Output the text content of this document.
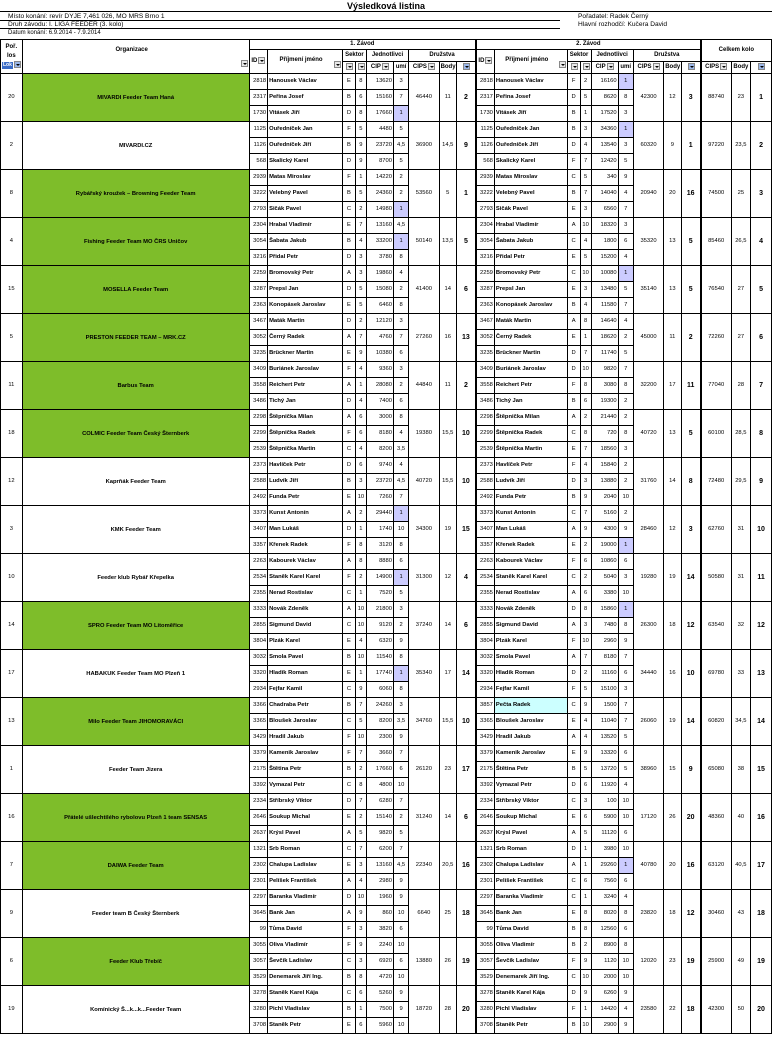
Výsledková listina
Místo konání: revír DYJE 7,461 026, MO MRS Brno 1
Druh závodu: I. LIGA FEEDER (3. kolo)
Datum konání: 6.9.2014 - 7.9.2014
Pořadatel: Radek Černý
Hlavní rozhodčí: Kučera David
Poř.
los
Lok	Organizace	1. Závod									2. Závod									Celkem kolo		
		ID	Příjmení jméno	Sektor		Jednotlivci		Družstva			ID	Příjmení jméno	Sektor		Jednotlivci		Družstva					
						CIP	umí	CIPS	Body						CIP	umí	CIPS	Body		CIPS	Body	
20	MIVARDI Feeder Team Haná	2818	Hanousek Václav	E	8	13620	3	46440	11	2	2818	Hanousek Václav	F	2	16160	1	42300	12	3	88740	23	1
		2317	Peřina Josef	B	6	15160	7				2317	Peřina Josef	D	5	8620	8						
		1730	Vitásek Jiří	D	8	17660	1				1730	Vitásek Jiří	B	1	17520	3						
2	MIVARDI.CZ	1125	Ouředníček Jan	F	5	4480	5	36900	14,5	9	1125	Ouředníček Jan	B	3	34360	1	60320	9	1	97220	23,5	2
		1126	Ouředníček Jiří	B	9	23720	4,5				1126	Ouředníček Jiří	D	4	13540	3						
		568	Skalický Karel	D	9	8700	5				568	Skalický Karel	F	7	12420	5						
8	Rybářský kroužek – Browning Feeder Team	2939	Matas Miroslav	F	1	14220	2	53560	5	1	2939	Matas Miroslav	C	5	340	9	20940	20	16	74500	25	3
		3222	Velebný Pavel	B	5	24360	2				3222	Velebný Pavel	B	7	14040	4						
		2793	Sičák Pavel	C	2	14980	1				2793	Sičák Pavel	E	3	6560	7						
4	Fishing Feeder Team MO ČRS Uničov	2304	Hrabal Vladimír	E	7	13160	4,5	50140	13,5	5	2304	Hrabal Vladimír	A	10	18320	3	35320	13	5	85460	26,5	4
		3054	Šabata Jakub	B	4	33200	1				3054	Šabata Jakub	C	4	1800	6						
		3216	Přidal Petr	D	3	3780	8				3216	Přidal Petr	E	5	15200	4						
15	MOSELLA Feeder Team	2259	Bromovský Petr	A	3	19860	4	41400	14	6	2259	Bromovský Petr	C	10	10080	1	35140	13	5	76540	27	5
		3287	Prepsl Jan	D	5	15080	2				3287	Prepsl Jan	E	3	13480	5						
		2363	Konopásek Jaroslav	E	5	6460	8				2363	Konopásek Jaroslav	B	4	11580	7						
5	PRESTON FEEDER TEAM – MRK.CZ	3467	Maták Martin	D	2	12120	3	27260	16	13	3467	Maták Martin	A	8	14640	4	45000	11	2	72260	27	6
		3052	Černý Radek	A	7	4760	7				3052	Černý Radek	E	1	18620	2						
		3235	Brückner Martin	E	9	10380	6				3235	Brückner Martin	D	7	11740	5						
11	Barbus Team	3409	Buriánek Jaroslav	F	4	9360	3	44840	11	2	3409	Buriánek Jaroslav	D	10	9820	7	32200	17	11	77040	28	7
		3558	Reichert Petr	A	1	28080	2				3558	Reichert Petr	F	8	3080	8						
		3486	Tichý Jan	D	4	7400	6				3486	Tichý Jan	B	6	19300	2						
18	COLMIC Feeder Team Český Šternberk	2298	Štěpnička Milan	A	6	3000	8	19380	15,5	10	2298	Štěpnička Milan	A	2	21440	2	40720	13	5	60100	28,5	8
		2299	Štěpnička Radek	F	6	8180	4				2299	Štěpnička Radek	C	8	720	8						
		2539	Štěpnička Martin	C	4	8200	3,5				2539	Štěpnička Martin	E	7	18560	3						
12	Kaprňák Feeder Team	2373	Havlíček Petr	D	6	9740	4	40720	15,5	10	2373	Havlíček Petr	F	4	15840	2	31760	14	8	72480	29,5	9
		2588	Ludvík Jiří	B	3	23720	4,5				2588	Ludvík Jiří	D	3	13880	2						
		2492	Funda Petr	E	10	7260	7				2492	Funda Petr	B	9	2040	10						
3	KMK Feeder Team	3373	Kunst Antonín	A	2	29440	1	34300	19	15	3373	Kunst Antonín	C	7	5160	2	28460	12	3	62760	31	10
		3407	Man Lukáš	D	1	1740	10				3407	Man Lukáš	A	9	4300	9						
		3357	Křenek Radek	F	8	3120	8				3357	Křenek Radek	E	2	19000	1						
10	Feeder klub Rybář Křepelka	2263	Kabourek Václav	A	8	8880	6	31300	12	4	2263	Kabourek Václav	F	6	10860	6	19280	19	14	50580	31	11
		2534	Staněk Karel Karel	F	2	14900	1				2534	Staněk Karel Karel	C	2	5040	3						
		2355	Nerad Rostislav	C	1	7520	5				2355	Nerad Rostislav	A	6	3380	10						
14	SPRO Feeder Team MO Litoměřice	3333	Novák Zdeněk	A	10	21800	3	37240	14	6	3333	Novák Zdeněk	D	8	15860	1	26300	18	12	63540	32	12
		2855	Sigmund David	C	10	9120	2				2855	Sigmund David	A	3	7480	8						
		3804	Plzák Karel	E	4	6320	9				3804	Plzák Karel	F	10	2960	9						
17	HABAKUK Feeder Team MO Plzeň 1	3032	Smola Pavel	B	10	11540	8	35340	17	14	3032	Smola Pavel	A	7	8180	7	34440	16	10	69780	33	13
		3320	Hladík Roman	E	1	17740	1				3320	Hladík Roman	D	2	11160	6						
		2934	Fejfar Kamil	C	9	6060	8				2934	Fejfar Kamil	F	5	15100	3						
13	Milo Feeder Team JIHOMORAVÁCI	3366	Chadraba Petr	B	7	24260	3	34760	15,5	10	3857	Pečta Radek	C	9	1500	7	26060	19	14	60820	34,5	14
		3365	Bloušek Jaroslav	C	5	8200	3,5				3365	Bloušek Jaroslav	E	4	11040	7						
		3429	Hradil Jakub	F	10	2300	9				3429	Hradil Jakub	A	4	13520	5						
1	Feeder Team Jizera	3379	Kamenik Jaroslav	F	7	3660	7	26120	23	17	3379	Kamenik Jaroslav	E	9	13320	6	38960	15	9	65080	38	15
		2175	Štětina Petr	B	2	17660	6				2175	Štětina Petr	B	5	13720	5						
		3392	Vymazal Petr	C	8	4800	10				3392	Vymazal Petr	D	6	11920	4						
16	Přátelé ušlechtilého rybolovu Plzeň 1 team SENSAS	2334	Stříbrský Viktor	D	7	6280	7	31240	14	6	2334	Stříbrský Viktor	C	3	100	10	17120	26	20	48360	40	16
		2646	Soukup Michal	E	2	15140	2				2646	Soukup Michal	E	6	5900	10						
		2637	Krýsl Pavel	A	5	9820	5				2637	Krýsl Pavel	A	5	11120	6						
7	DAIWA Feeder Team	1321	Srb Roman	C	7	6200	7	22340	20,5	16	1321	Srb Roman	D	1	3980	10	40780	20	16	63120	40,5	17
		2302	Chalupa Ladislav	E	3	13160	4,5				2302	Chalupa Ladislav	A	1	29260	1						
		2301	Pelíšek František	A	4	2980	9				2301	Pelíšek František	C	6	7560	6						
9	Feeder team B Český Šternberk	2297	Baranka Vladimír	D	10	1960	9	6640	25	18	2297	Baranka Vladimír	C	1	3240	4	23820	18	12	30460	43	18
		3645	Bank Jan	A	9	860	10				3645	Bank Jan	E	8	8020	8						
		99	Tůma David	F	3	3820	6				99	Tůma David	B	8	12560	6						
6	Feeder Klub Třebíč	3055	Oliva Vladimír	F	9	2240	10	13880	26	19	3055	Oliva Vladimír	B	2	8900	8	12020	23	19	25900	49	19
		3057	Ševčík Ladislav	C	3	6920	6				3057	Ševčík Ladislav	F	9	1120	10						
		3529	Denemarek Jiří Ing.	B	8	4720	10				3529	Denemarek Jiří Ing.	C	10	2000	10						
19	Komínický Š...k...k...Feeder Team	3278	Staněk Karel Kája	C	6	5260	9	18720	28	20	3278	Staněk Karel Kája	D	9	6260	9	23580	22	18	42300	50	20
		3280	Pichl Vladislav	B	1	7500	9				3280	Pichl Vladislav	F	1	14420	4						
		3708	Staněk Petr	E	6	5960	10				3708	Staněk Petr	B	10	2900	9						
